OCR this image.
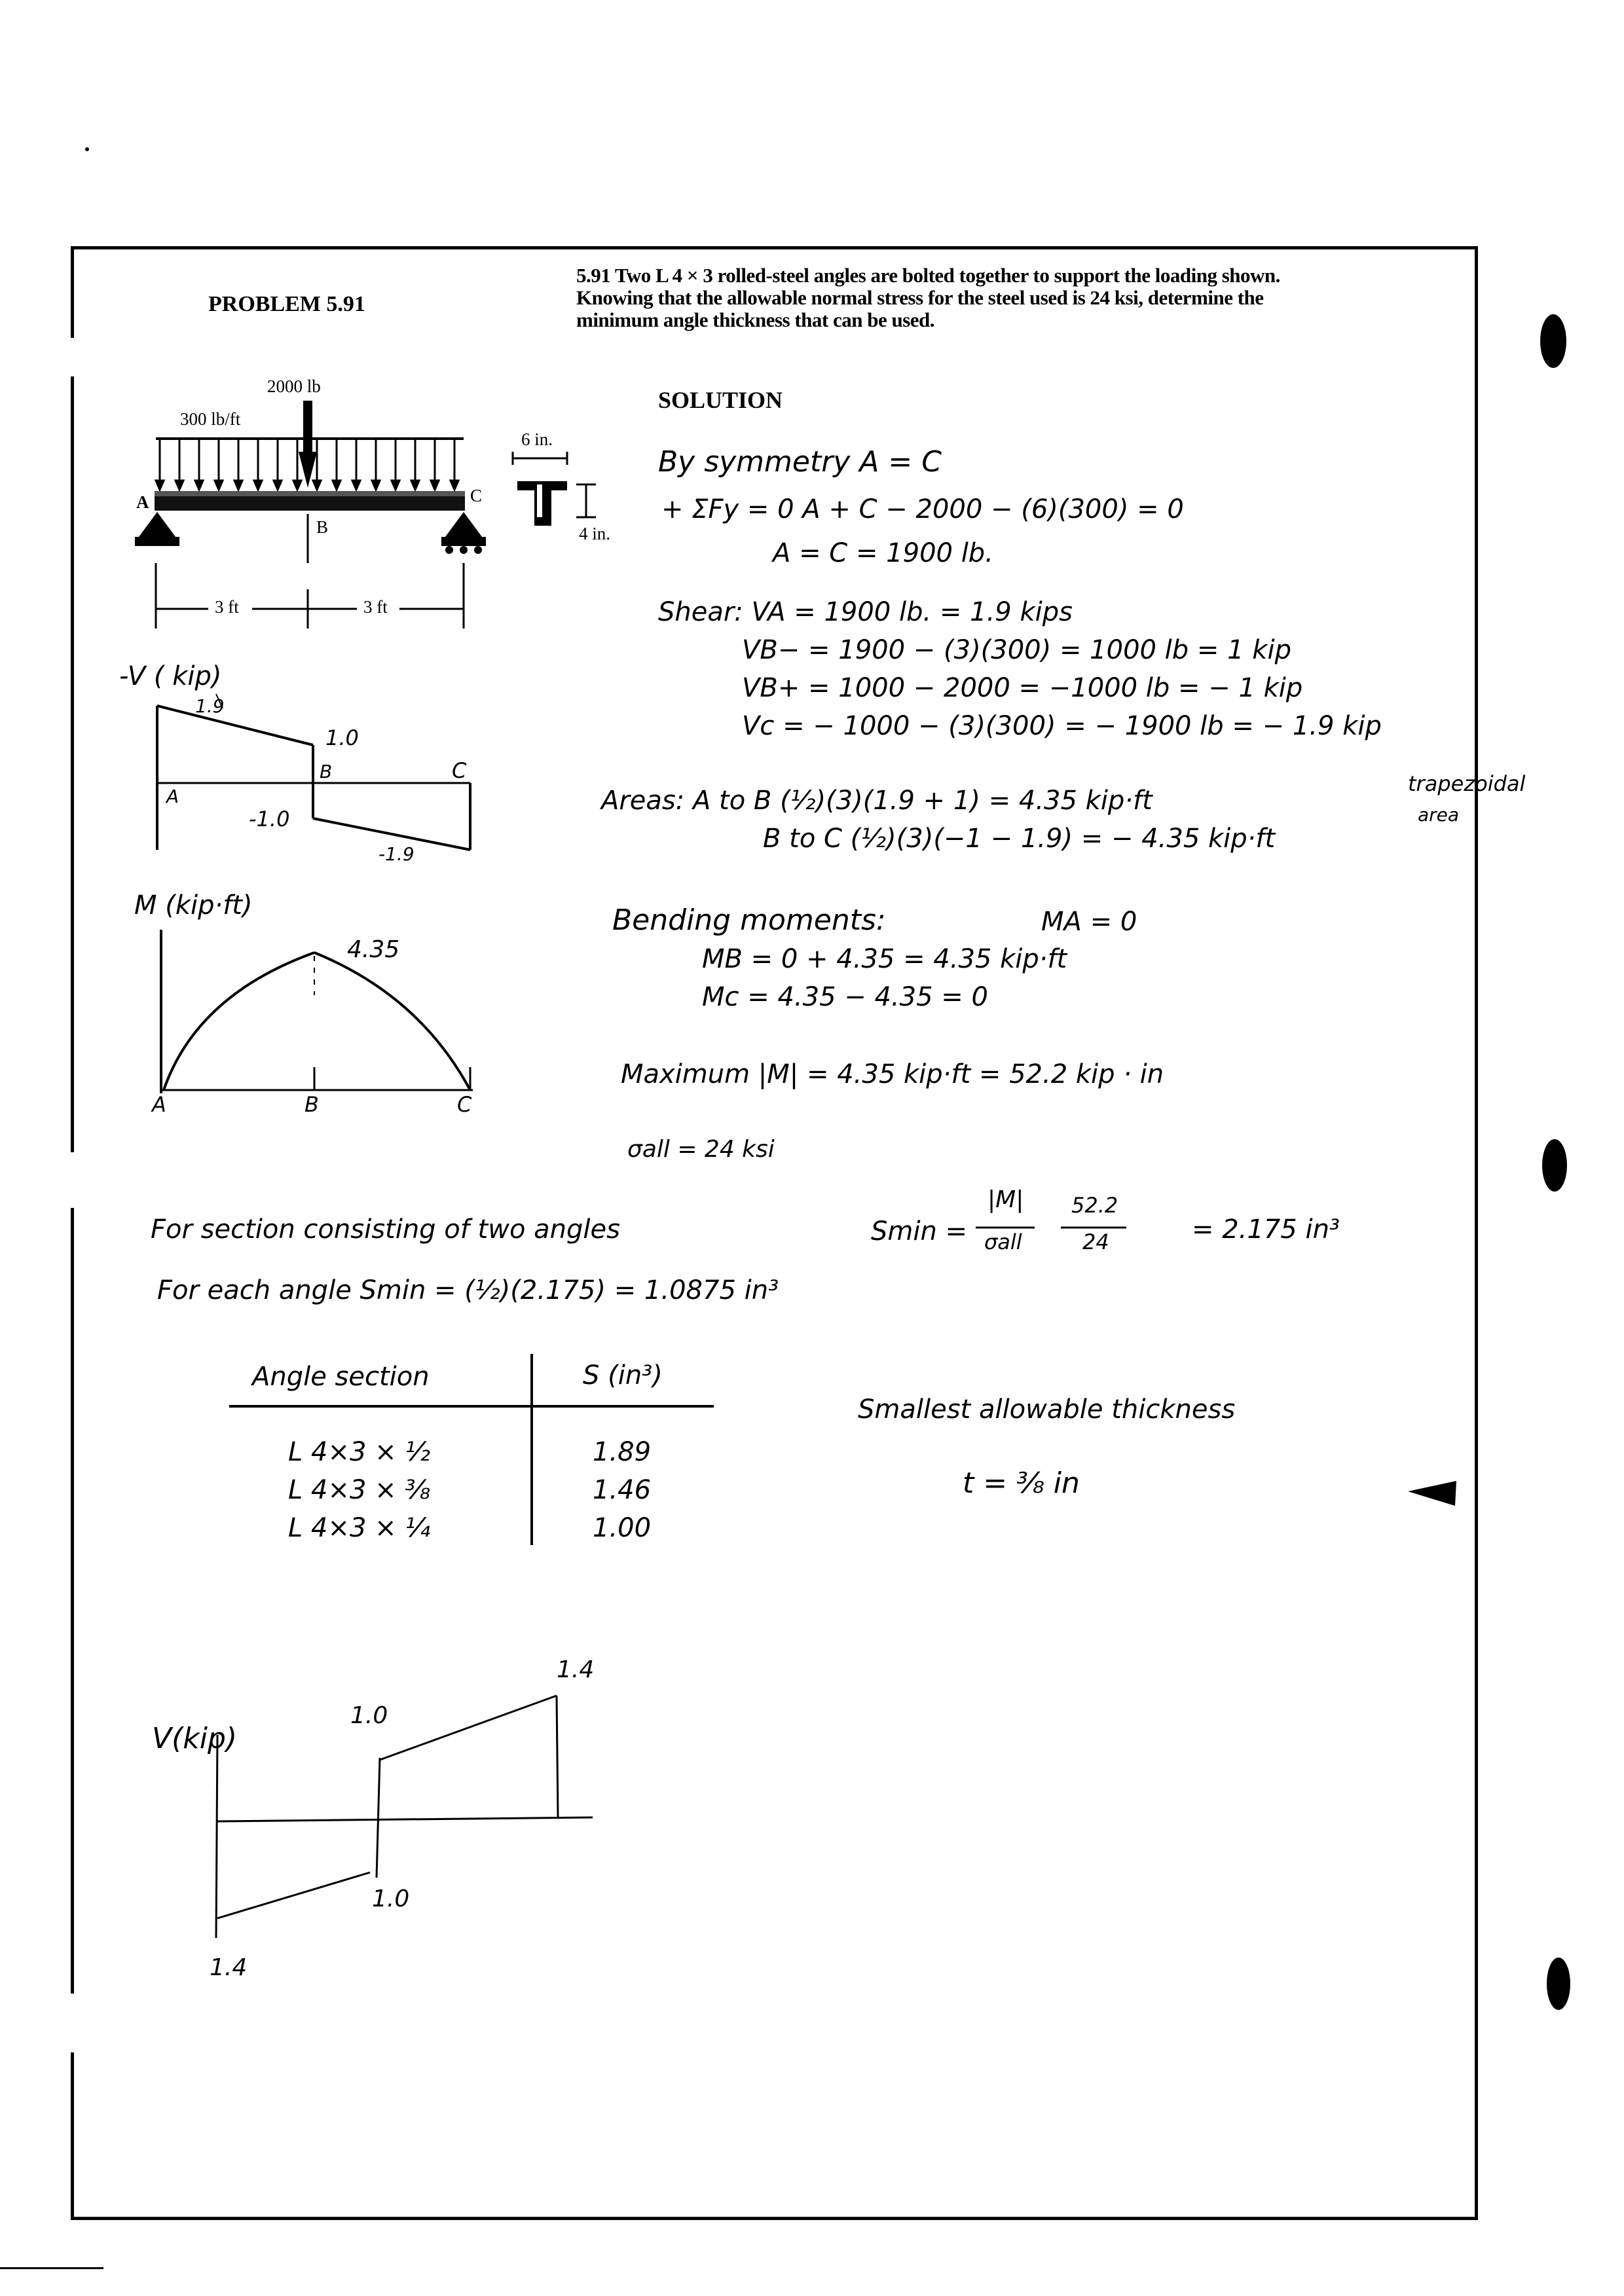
PROBLEM 5.91
5.91 Two L 4 × 3 rolled-steel angles are bolted together to support the loading shown.
Knowing that the allowable normal stress for the steel used is 24 ksi, determine the
minimum angle thickness that can be used.
SOLUTION
2000 lb
300 lb/ft
A
B
C
3 ft	3 ft
6 in.
4 in.
-V ( kip)
1.9
1.0
-1.0
-1.9
A
B	C
M (kip·ft)
4.35
A	B	C
By symmetry A = C
+ ΣFy = 0 A + C − 2000 − (6)(300) = 0
A = C = 1900 lb.
Shear: VA = 1900 lb. = 1.9 kips
VB− = 1900 − (3)(300) = 1000 lb = 1 kip
VB+ = 1000 − 2000 = −1000 lb = − 1 kip
Vc = − 1000 − (3)(300) = − 1900 lb = − 1.9 kip
Areas: A to B (½)(3)(1.9 + 1) = 4.35 kip·ft
B to C (½)(3)(−1 − 1.9) = − 4.35 kip·ft
trapezoidal
area
Bending moments:	MA = 0
MB = 0 + 4.35 = 4.35 kip·ft
Mc = 4.35 − 4.35 = 0
Maximum |M| = 4.35 kip·ft = 52.2 kip · in
σall = 24 ksi
For section consisting of two angles	Smin =
|M|
σall
52.2
24	= 2.175 in³
For each angle Smin = (½)(2.175) = 1.0875 in³
Angle section	S (in³)
L 4×3 × ½	1.89
L 4×3 × ⅜	1.46
L 4×3 × ¼	1.00
Smallest allowable thickness
t = ⅜ in
V(kip)
1.4
1.0
1.0
1.4
